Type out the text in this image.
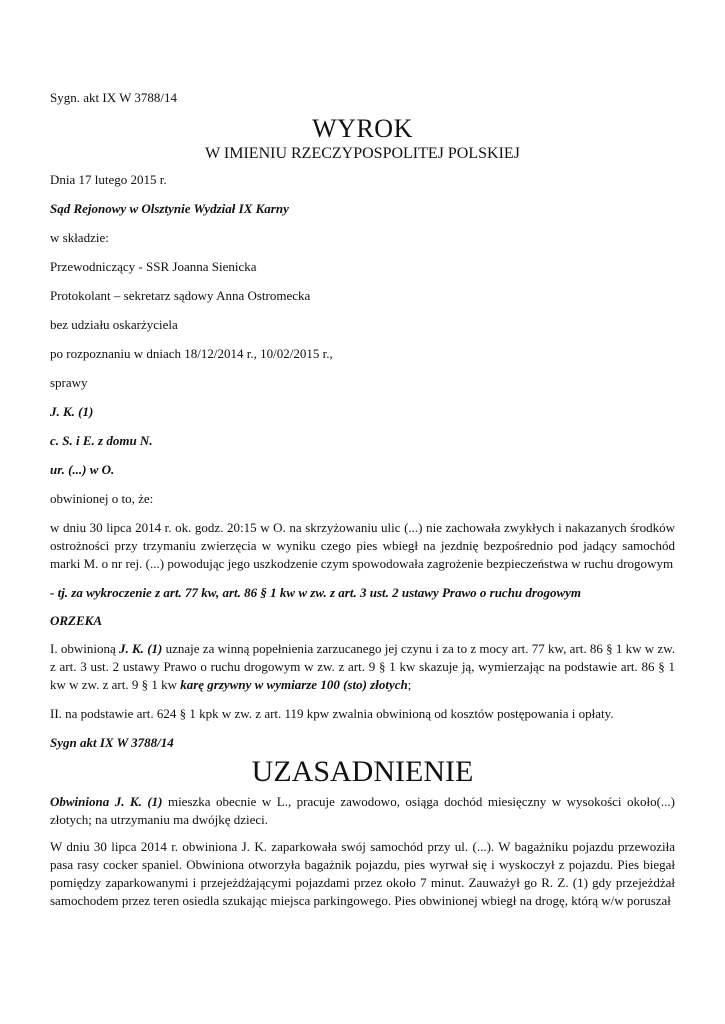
Sygn. akt IX W 3788/14
WYROK
W IMIENIU RZECZYPOSPOLITEJ POLSKIEJ
Dnia 17 lutego 2015 r.
Sąd Rejonowy w Olsztynie Wydział IX Karny
w składzie:
Przewodniczący - SSR Joanna Sienicka
Protokolant – sekretarz sądowy Anna Ostromecka
bez udziału oskarżyciela
po rozpoznaniu w dniach 18/12/2014 r., 10/02/2015 r.,
sprawy
J. K. (1)
c. S. i E. z domu N.
ur. (...) w O.
obwinionej o to, że:
w dniu 30 lipca 2014 r. ok. godz. 20:15 w O. na skrzyżowaniu ulic (...) nie zachowała zwykłych i nakazanych środków ostrożności przy trzymaniu zwierzęcia w wyniku czego pies wbiegł na jezdnię bezpośrednio pod jadący samochód marki M. o nr rej. (...) powodując jego uszkodzenie czym spowodowała zagrożenie bezpieczeństwa w ruchu drogowym
- tj. za wykroczenie z art. 77 kw, art. 86 § 1 kw w zw. z art. 3 ust. 2 ustawy Prawo o ruchu drogowym
ORZEKA
I. obwinioną J. K. (1) uznaje za winną popełnienia zarzucanego jej czynu i za to z mocy art. 77 kw, art. 86 § 1 kw w zw. z art. 3 ust. 2 ustawy Prawo o ruchu drogowym w zw. z art. 9 § 1 kw skazuje ją, wymierzając na podstawie art. 86 § 1 kw w zw. z art. 9 § 1 kw karę grzywny w wymiarze 100 (sto) złotych;
II. na podstawie art. 624 § 1 kpk w zw. z art. 119 kpw zwalnia obwinioną od kosztów postępowania i opłaty.
Sygn akt IX W 3788/14
UZASADNIENIE
Obwiniona J. K. (1) mieszka obecnie w L., pracuje zawodowo, osiąga dochód miesięczny w wysokości około(...) złotych; na utrzymaniu ma dwójkę dzieci.
W dniu 30 lipca 2014 r. obwiniona J. K. zaparkowała swój samochód przy ul. (...). W bagażniku pojazdu przewoziła pasa rasy cocker spaniel. Obwiniona otworzyła bagażnik pojazdu, pies wyrwał się i wyskoczył z pojazdu. Pies biegał pomiędzy zaparkowanymi i przejeżdżającymi pojazdami przez około 7 minut. Zauważył go R. Z. (1) gdy przejeżdżał samochodem przez teren osiedla szukając miejsca parkingowego. Pies obwinionej wbiegł na drogę, którą w/w poruszał
